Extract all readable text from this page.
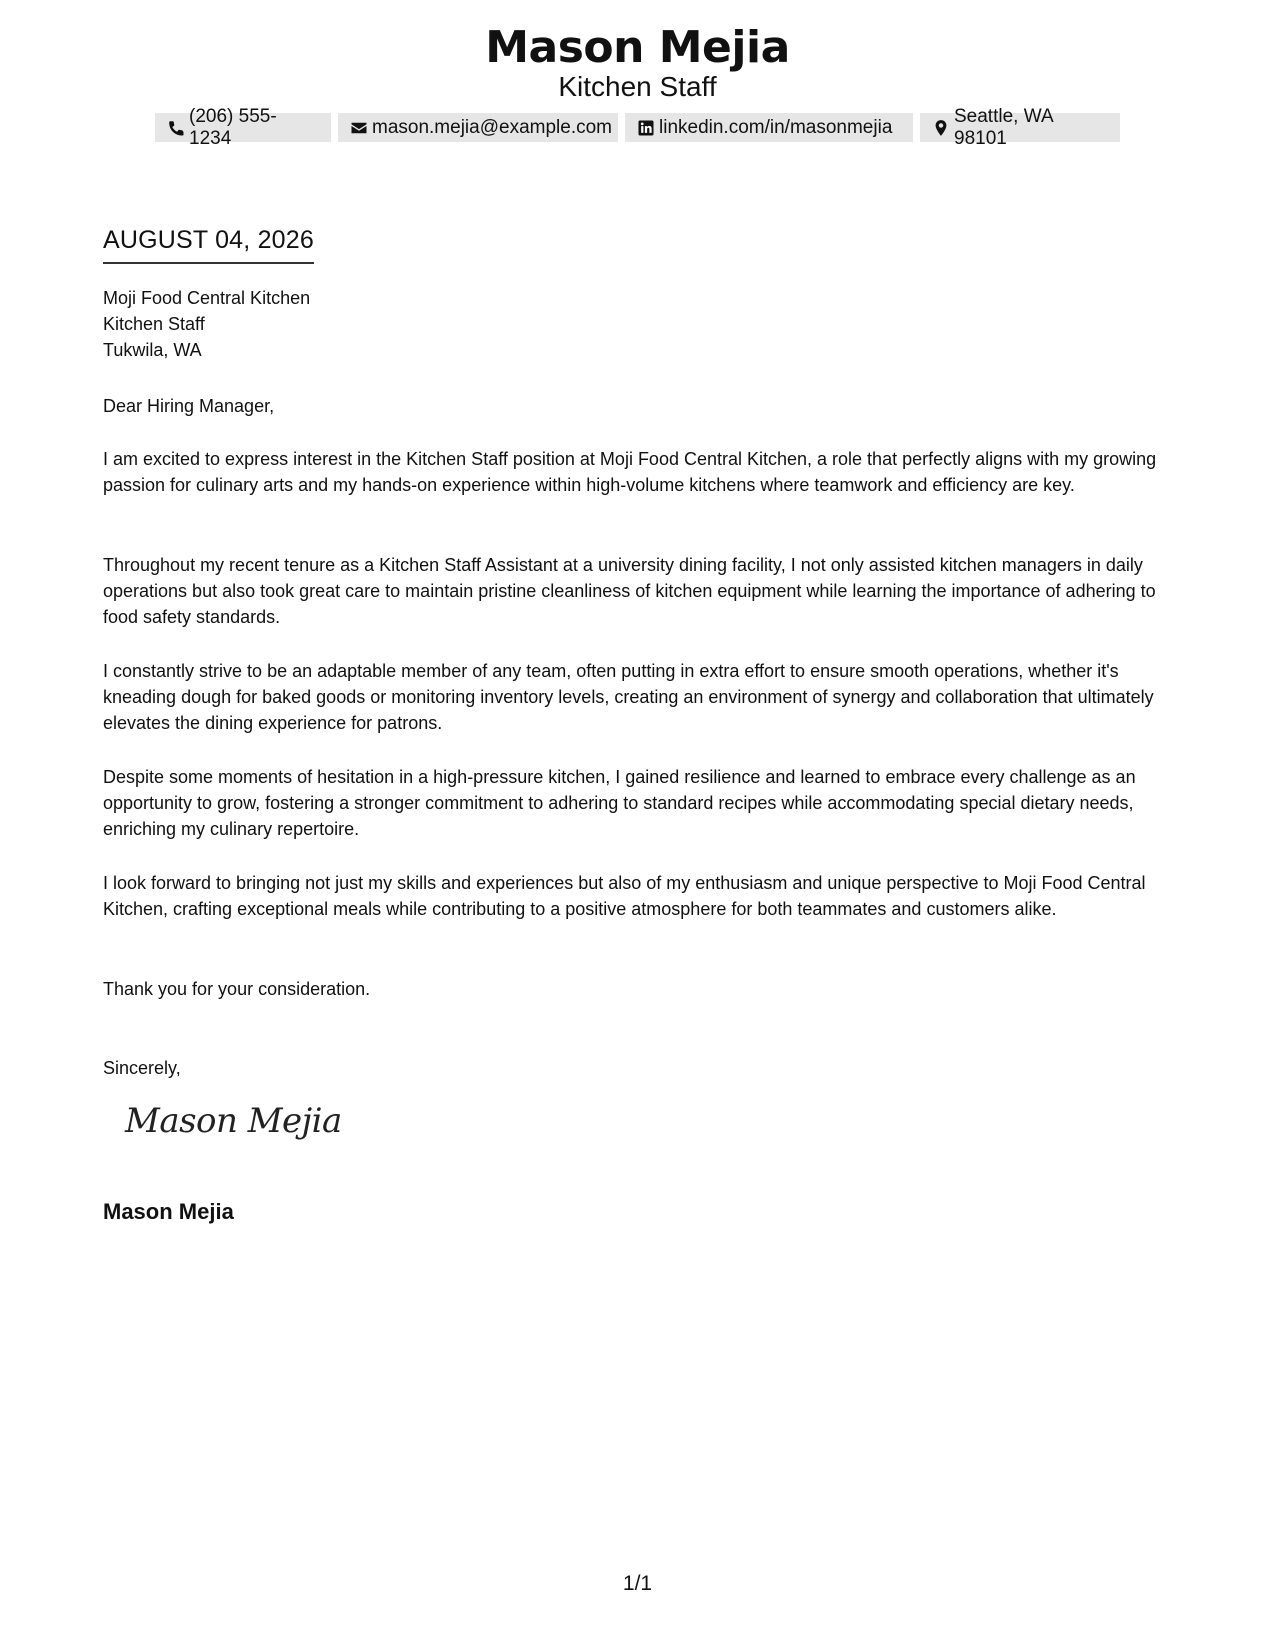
Mason Mejia
Kitchen Staff
(206) 555-1234
mason.mejia@example.com linkedin.com/in/masonmejia
Seattle, WA 98101
AUGUST 04, 2026
Moji Food Central Kitchen
Kitchen Staff
Tukwila, WA
Dear Hiring Manager,
I am excited to express interest in the Kitchen Staff position at Moji Food Central Kitchen, a role that perfectly aligns with my growing passion for culinary arts and my hands-on experience within high-volume kitchens where teamwork and efficiency are key.
Throughout my recent tenure as a Kitchen Staff Assistant at a university dining facility, I not only assisted kitchen managers in daily operations but also took great care to maintain pristine cleanliness of kitchen equipment while learning the importance of adhering to food safety standards.
I constantly strive to be an adaptable member of any team, often putting in extra effort to ensure smooth operations, whether it's kneading dough for baked goods or monitoring inventory levels, creating an environment of synergy and collaboration that ultimately elevates the dining experience for patrons.
Despite some moments of hesitation in a high-pressure kitchen, I gained resilience and learned to embrace every challenge as an opportunity to grow, fostering a stronger commitment to adhering to standard recipes while accommodating special dietary needs, enriching my culinary repertoire.
I look forward to bringing not just my skills and experiences but also of my enthusiasm and unique perspective to Moji Food Central Kitchen, crafting exceptional meals while contributing to a positive atmosphere for both teammates and customers alike.
Thank you for your consideration.
Sincerely,
Mason Mejia
Mason Mejia
1/1
